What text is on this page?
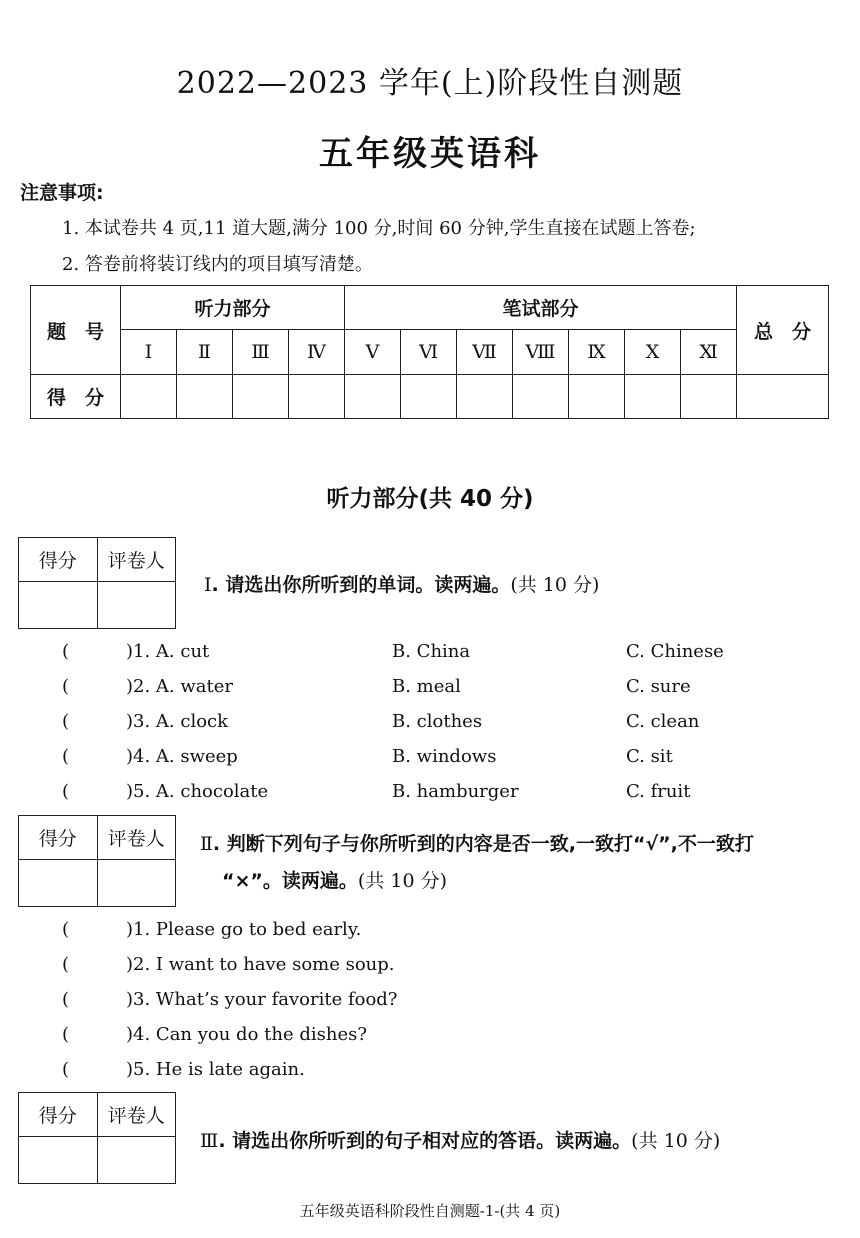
2022—2023 学年(上)阶段性自测题
五年级英语科
注意事项:
1. 本试卷共 4 页,11 道大题,满分 100 分,时间 60 分钟,学生直接在试题上答卷;
2. 答卷前将装订线内的项目填写清楚。
题　号	听力部分				笔试部分							总　分
	Ⅰ	Ⅱ	Ⅲ	Ⅳ	Ⅴ	Ⅵ	Ⅶ	Ⅷ	Ⅸ	Ⅹ	Ⅺ	
得　分												
听力部分(共 40 分)
得分	评卷人

Ⅰ. 请选出你所听到的单词。读两遍。(共 10 分)
(	)1. A. cut	B. China	C. Chinese
(	)2. A. water	B. meal	C. sure
(	)3. A. clock	B. clothes	C. clean
(	)4. A. sweep	B. windows	C. sit
(	)5. A. chocolate	B. hamburger	C. fruit
得分	评卷人
	Ⅱ. 判断下列句子与你所听到的内容是否一致,一致打“√”,不一致打
“×”。读两遍。(共 10 分)
(	)1. Please go to bed early.
(	)2. I want to have some soup.
(	)3. What’s your favorite food?
(	)4. Can you do the dishes?
(	)5. He is late again.
得分	评卷人

Ⅲ. 请选出你所听到的句子相对应的答语。读两遍。(共 10 分)
五年级英语科阶段性自测题-1-(共 4 页)
